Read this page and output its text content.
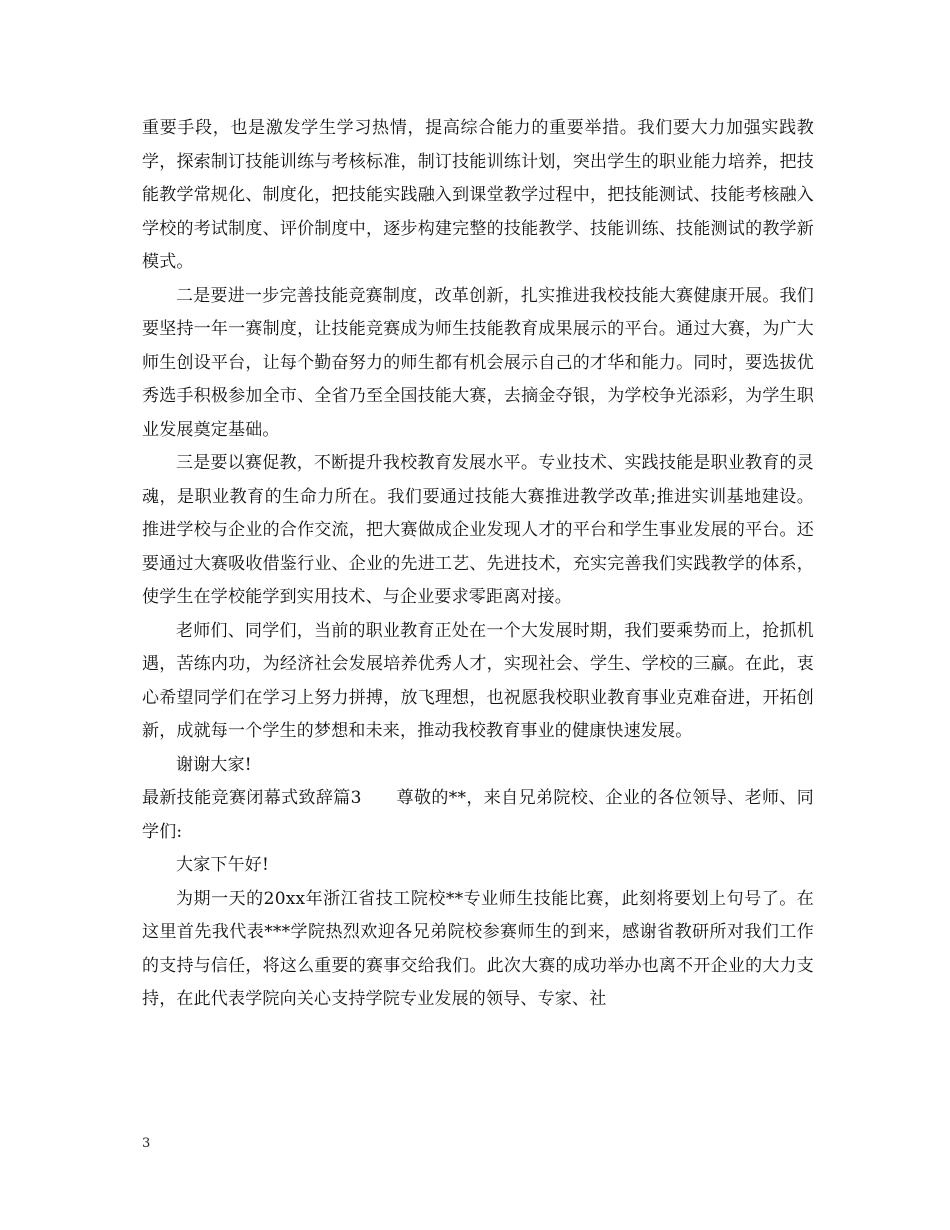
重要手段，也是激发学生学习热情，提高综合能力的重要举措。我们要大力加强实践教学，探索制订技能训练与考核标准，制订技能训练计划，突出学生的职业能力培养，把技能教学常规化、制度化，把技能实践融入到课堂教学过程中，把技能测试、技能考核融入学校的考试制度、评价制度中，逐步构建完整的技能教学、技能训练、技能测试的教学新模式。

二是要进一步完善技能竞赛制度，改革创新，扎实推进我校技能大赛健康开展。我们要坚持一年一赛制度，让技能竞赛成为师生技能教育成果展示的平台。通过大赛，为广大师生创设平台，让每个勤奋努力的师生都有机会展示自己的才华和能力。同时，要选拔优秀选手积极参加全市、全省乃至全国技能大赛，去摘金夺银，为学校争光添彩，为学生职业发展奠定基础。

三是要以赛促教，不断提升我校教育发展水平。专业技术、实践技能是职业教育的灵魂，是职业教育的生命力所在。我们要通过技能大赛推进教学改革;推进实训基地建设。推进学校与企业的合作交流，把大赛做成企业发现人才的平台和学生事业发展的平台。还要通过大赛吸收借鉴行业、企业的先进工艺、先进技术，充实完善我们实践教学的体系，使学生在学校能学到实用技术、与企业要求零距离对接。

老师们、同学们，当前的职业教育正处在一个大发展时期，我们要乘势而上，抢抓机遇，苦练内功，为经济社会发展培养优秀人才，实现社会、学生、学校的三赢。在此，衷心希望同学们在学习上努力拼搏，放飞理想，也祝愿我校职业教育事业克难奋进，开拓创新，成就每一个学生的梦想和未来，推动我校教育事业的健康快速发展。

谢谢大家!

最新技能竞赛闭幕式致辞篇3　　尊敬的**，来自兄弟院校、企业的各位领导、老师、同学们:

大家下午好!

为期一天的20xx年浙江省技工院校**专业师生技能比赛，此刻将要划上句号了。在这里首先我代表***学院热烈欢迎各兄弟院校参赛师生的到来，感谢省教研所对我们工作的支持与信任，将这么重要的赛事交给我们。此次大赛的成功举办也离不开企业的大力支持，在此代表学院向关心支持学院专业发展的领导、专家、社

3
